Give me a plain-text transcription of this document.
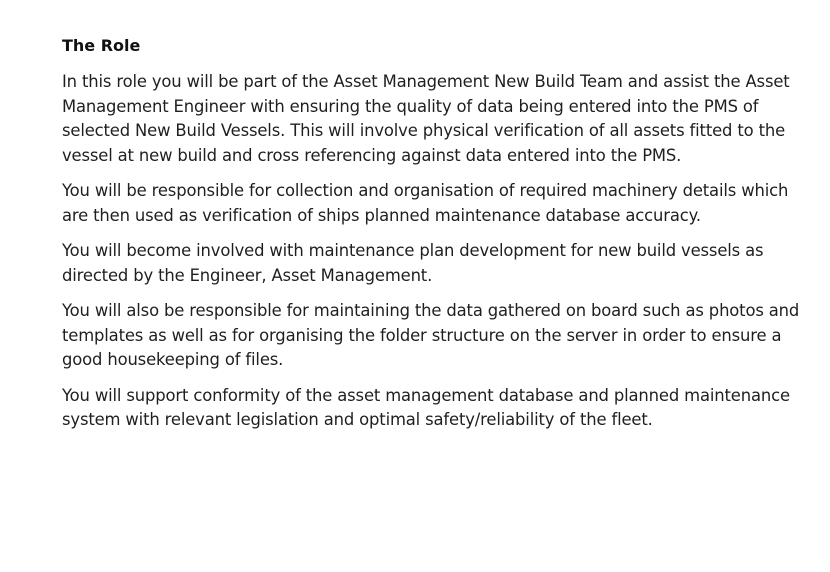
The Role

In this role you will be part of the Asset Management New Build Team and assist the Asset Management Engineer with ensuring the quality of data being entered into the PMS of selected New Build Vessels. This will involve physical verification of all assets fitted to the vessel at new build and cross referencing against data entered into the PMS.

You will be responsible for collection and organisation of required machinery details which are then used as verification of ships planned maintenance database accuracy.

You will become involved with maintenance plan development for new build vessels as directed by the Engineer, Asset Management.

You will also be responsible for maintaining the data gathered on board such as photos and templates as well as for organising the folder structure on the server in order to ensure a good housekeeping of files.

You will support conformity of the asset management database and planned maintenance system with relevant legislation and optimal safety/reliability of the fleet.
